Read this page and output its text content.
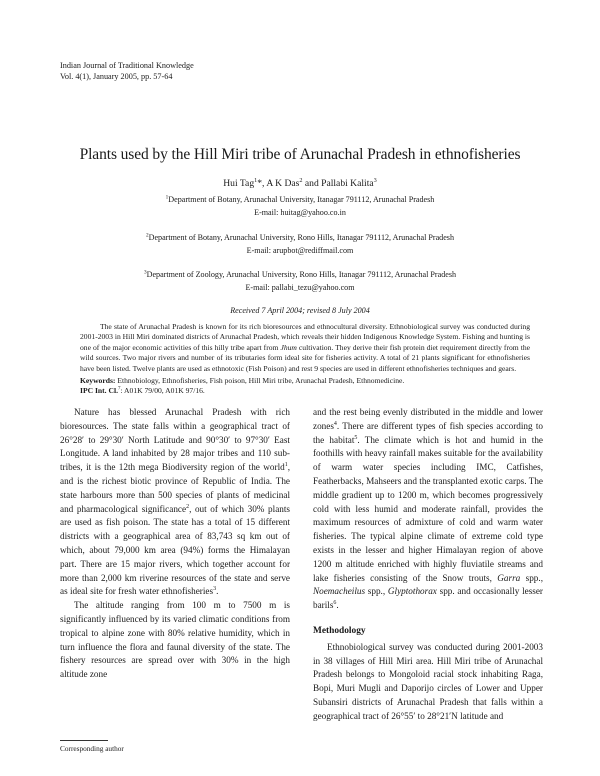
Indian Journal of Traditional Knowledge
Vol. 4(1), January 2005, pp. 57-64
Plants used by the Hill Miri tribe of Arunachal Pradesh in ethnofisheries
Hui Tag$^1$*, A K Das$^2$ and Pallabi Kalita$^3$
$^1$Department of Botany, Arunachal University, Itanagar 791112, Arunachal Pradesh
E-mail: huitag@yahoo.co.in
$^2$Department of Botany, Arunachal University, Rono Hills, Itanagar 791112, Arunachal Pradesh
E-mail: arupbot@rediffmail.com
$^3$Department of Zoology, Arunachal University, Rono Hills, Itanagar 791112, Arunachal Pradesh
E-mail: pallabi_tezu@yahoo.com
Received 7 April 2004; revised 8 July 2004
The state of Arunachal Pradesh is known for its rich bioresources and ethnocultural diversity. Ethnobiological survey was conducted during 2001-2003 in Hill Miri dominated districts of Arunachal Pradesh, which reveals their hidden Indigenous Knowledge System. Fishing and hunting is one of the major economic activities of this hilly tribe apart from Jhum cultivation. They derive their fish protein diet requirement directly from the wild sources. Two major rivers and number of its tributaries form ideal site for fisheries activity. A total of 21 plants significant for ethnofisheries have been listed. Twelve plants are used as ethnotoxic (Fish Poison) and rest 9 species are used in different ethnofisheries techniques and gears.
Keywords: Ethnobiology, Ethnofisheries, Fish poison, Hill Miri tribe, Arunachal Pradesh, Ethnomedicine.
IPC Int. Cl.$^7$: A01K 79/00, A01K 97/16.

Nature has blessed Arunachal Pradesh with rich bioresources. The state falls within a geographical tract of 26°28′ to 29°30′ North Latitude and 90°30′ to 97°30′ East Longitude. A land inhabited by 28 major tribes and 110 sub-tribes, it is the 12th mega Biodiversity region of the world$^1$, and is the richest biotic province of Republic of India. The state harbours more than 500 species of plants of medicinal and pharmacological significance$^2$, out of which 30% plants are used as fish poison. The state has a total of 15 different districts with a geographical area of 83,743 sq km out of which, about 79,000 km area (94%) forms the Himalayan part. There are 15 major rivers, which together account for more than 2,000 km riverine resources of the state and serve as ideal site for fresh water ethnofisheries$^3$.

The altitude ranging from 100 m to 7500 m is significantly influenced by its varied climatic conditions from tropical to alpine zone with 80% relative humidity, which in turn influence the flora and faunal diversity of the state. The fishery resources are spread over with 30% in the high altitude zone

and the rest being evenly distributed in the middle and lower zones$^4$. There are different types of fish species according to the habitat$^5$. The climate which is hot and humid in the foothills with heavy rainfall makes suitable for the availability of warm water species including IMC, Catfishes, Featherbacks, Mahseers and the transplanted exotic carps. The middle gradient up to 1200 m, which becomes progressively cold with less humid and moderate rainfall, provides the maximum resources of admixture of cold and warm water fisheries. The typical alpine climate of extreme cold type exists in the lesser and higher Himalayan region of above 1200 m altitude enriched with highly fluviatile streams and lake fisheries consisting of the Snow trouts, Garra spp., Noemacheilus spp., Glyptothorax spp. and occasionally lesser barils$^6$.

Methodology

Ethnobiological survey was conducted during 2001-2003 in 38 villages of Hill Miri area. Hill Miri tribe of Arunachal Pradesh belongs to Mongoloid racial stock inhabiting Raga, Bopi, Muri Mugli and Daporijo circles of Lower and Upper Subansiri districts of Arunachal Pradesh that falls within a geographical tract of 26°55′ to 28°21′N latitude and

Corresponding author
